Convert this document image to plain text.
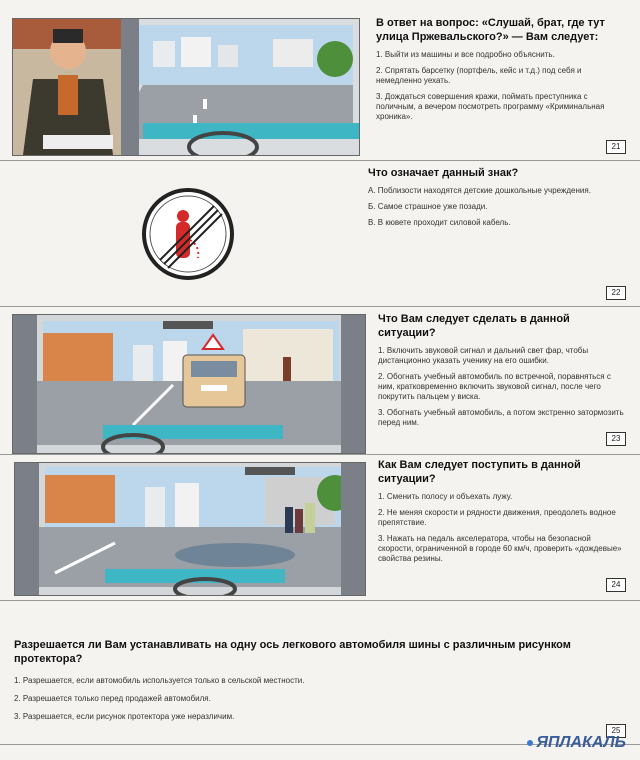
В ответ на вопрос: «Слушай, брат, где тут улица Пржевальского?» — Вам следует:
1. Выйти из машины и все подробно объяснить.
2. Спрятать барсетку (портфель, кейс и т.д.) под себя и немедленно уехать.
3. Дождаться совершения кражи, поймать преступника с поличным, а вечером посмотреть программу «Криминальная хроника».
21
Что означает данный знак?
А. Поблизости находятся детские дошкольные учреждения.
Б. Самое страшное уже позади.
В. В кювете проходит силовой кабель.
22
Что Вам следует сделать в данной ситуации?
1. Включить звуковой сигнал и дальний свет фар, чтобы дистанционно указать ученику на его ошибки.
2. Обогнать учебный автомобиль по встречной, поравняться с ним, кратковременно включить звуковой сигнал, после чего покрутить пальцем у виска.
3. Обогнать учебный автомобиль, а потом экстренно затормозить перед ним.
23
Как Вам следует поступить в данной ситуации?
1. Сменить полосу и объехать лужу.
2. Не меняя скорости и рядности движения, преодолеть водное препятствие.
3. Нажать на педаль акселератора, чтобы на безопасной скорости, ограниченной в городе 60 км/ч, проверить «дождевые» свойства резины.
24
Разрешается ли Вам устанавливать на одну ось легкового автомобиля шины с различным рисунком протектора?
1. Разрешается, если автомобиль используется только в сельской местности.
2. Разрешается только перед продажей автомобиля.
3. Разрешается, если рисунок протектора уже неразличим.
25
● ЯПЛАКАЛЬ
